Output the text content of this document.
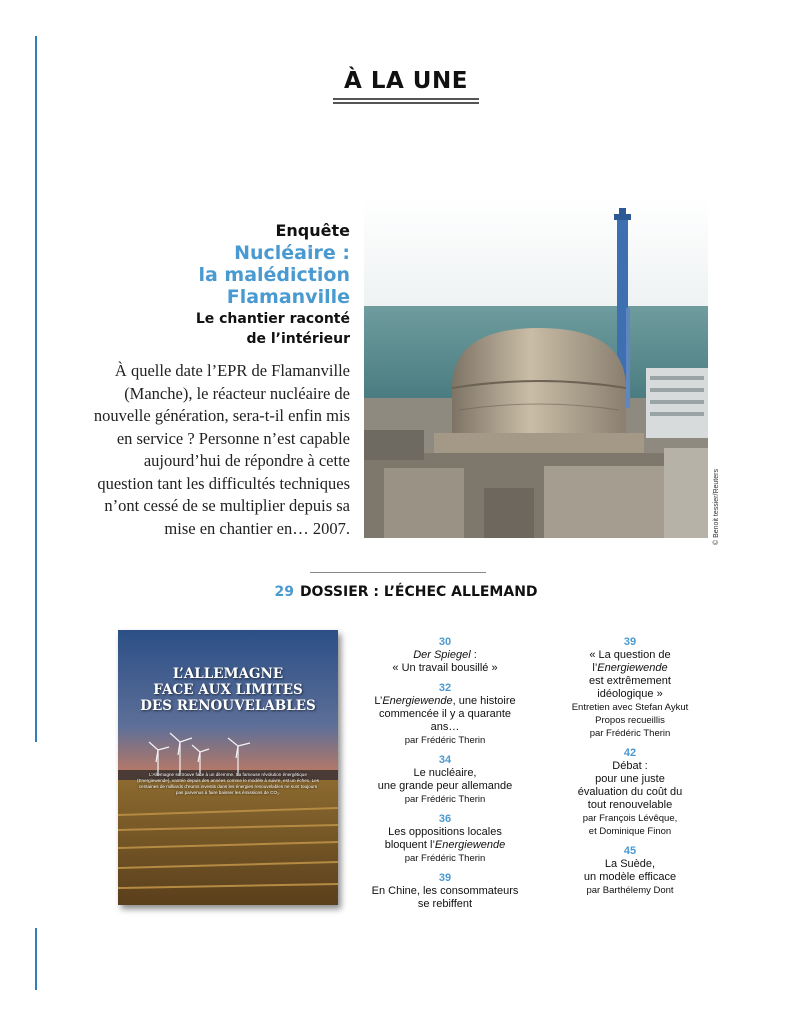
À LA UNE
Enquête
Nucléaire :
la malédiction
Flamanville
Le chantier raconté
de l’intérieur
À quelle date l’EPR de Flamanville (Manche), le réacteur nucléaire de nouvelle génération, sera-t-il enfin mis en service ? Personne n’est capable aujourd’hui de répondre à cette question tant les difficultés techniques n’ont cessé de se multiplier depuis sa mise en chantier en… 2007.	© Benoit tessier/Reuters
29 DOSSIER : L’ÉCHEC ALLEMAND
L’ALLEMAGNE
FACE AUX LIMITES
DES RENOUVELABLES
L’Allemagne se trouve face à un dilemme. Sa fameuse révolution énergétique (Energiewende), vantée depuis des années comme le modèle à suivre, est un échec. Les centaines de milliards d’euros investis dans les énergies renouvelables ne sont toujours pas parvenus à faire baisser les émissions de CO₂.
30
Der Spiegel :
« Un travail bousillé »
32
L’Energiewende, une histoire
commencée il y a quarante
ans…
par Frédéric Therin
34
Le nucléaire,
une grande peur allemande
par Frédéric Therin
36
Les oppositions locales
bloquent l’Energiewende
par Frédéric Therin
39
En Chine, les consommateurs
se rebiffent
39
« La question de
l’Energiewende
est extrêmement
idéologique »
Entretien avec Stefan Aykut
Propos recueillis
par Frédéric Therin
42
Débat :
pour une juste
évaluation du coût du
tout renouvelable
par François Lévêque,
et Dominique Finon
45
La Suède,
un modèle efficace
par Barthélemy Dont
